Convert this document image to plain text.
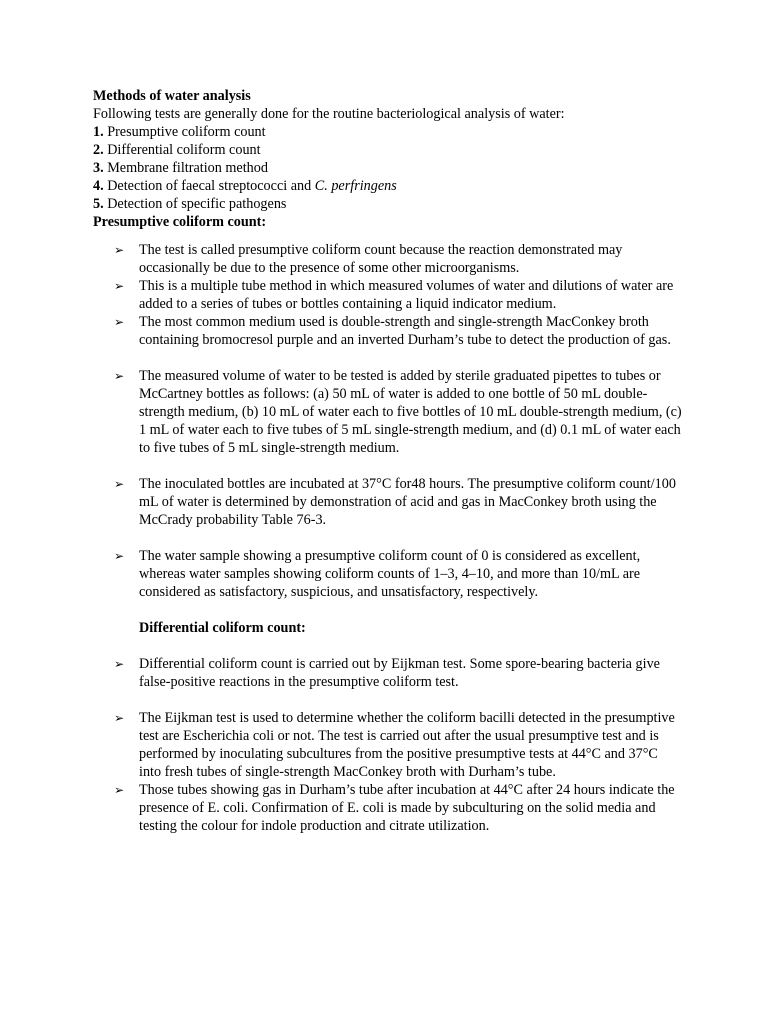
Methods of water analysis

Following tests are generally done for the routine bacteriological analysis of water:

1. Presumptive coliform count

2. Differential coliform count

3. Membrane filtration method

4. Detection of faecal streptococci and C. perfringens

5. Detection of specific pathogens

Presumptive coliform count:

➢ The test is called presumptive coliform count because the reaction demonstrated may occasionally be due to the presence of some other microorganisms.

➢ This is a multiple tube method in which measured volumes of water and dilutions of water are added to a series of tubes or bottles containing a liquid indicator medium.

➢ The most common medium used is double-strength and single-strength MacConkey broth containing bromocresol purple and an inverted Durham’s tube to detect the production of gas.

➢ The measured volume of water to be tested is added by sterile graduated pipettes to tubes or McCartney bottles as follows: (a) 50 mL of water is added to one bottle of 50 mL double-strength medium, (b) 10 mL of water each to five bottles of 10 mL double-strength medium, (c) 1 mL of water each to five tubes of 5 mL single-strength medium, and (d) 0.1 mL of water each to five tubes of 5 mL single-strength medium.

➢ The inoculated bottles are incubated at 37°C for48 hours. The presumptive coliform count/100 mL of water is determined by demonstration of acid and gas in MacConkey broth using the McCrady probability Table 76-3.

➢ The water sample showing a presumptive coliform count of 0 is considered as excellent, whereas water samples showing coliform counts of 1–3, 4–10, and more than 10/mL are considered as satisfactory, suspicious, and unsatisfactory, respectively.

Differential coliform count:

➢ Differential coliform count is carried out by Eijkman test. Some spore-bearing bacteria give false-positive reactions in the presumptive coliform test.

➢ The Eijkman test is used to determine whether the coliform bacilli detected in the presumptive test are Escherichia coli or not. The test is carried out after the usual presumptive test and is performed by inoculating subcultures from the positive presumptive tests at 44°C and 37°C into fresh tubes of single-strength MacConkey broth with Durham’s tube.

➢ Those tubes showing gas in Durham’s tube after incubation at 44°C after 24 hours indicate the presence of E. coli. Confirmation of E. coli is made by subculturing on the solid media and testing the colour for indole production and citrate utilization.
